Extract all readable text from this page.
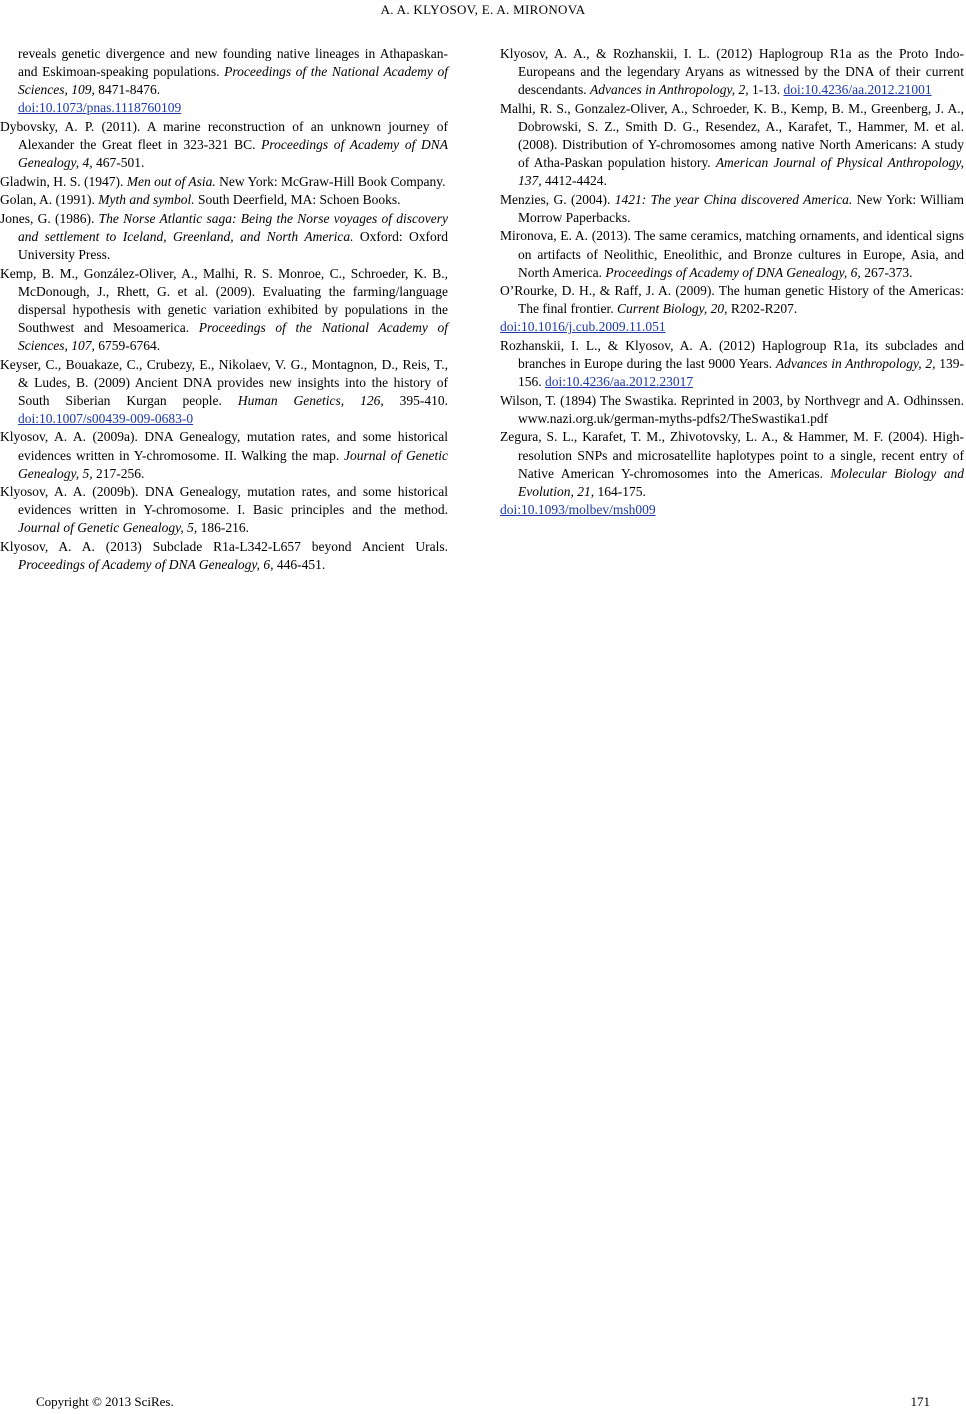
A. A. KLYOSOV, E. A. MIRONOVA

reveals genetic divergence and new founding native lineages in Athapaskan- and Eskimoan-speaking populations. Proceedings of the National Academy of Sciences, 109, 8471-8476.
doi:10.1073/pnas.1118760109

Dybovsky, A. P. (2011). A marine reconstruction of an unknown journey of Alexander the Great fleet in 323-321 BC. Proceedings of Academy of DNA Genealogy, 4, 467-501.

Gladwin, H. S. (1947). Men out of Asia. New York: McGraw-Hill Book Company.

Golan, A. (1991). Myth and symbol. South Deerfield, MA: Schoen Books.

Jones, G. (1986). The Norse Atlantic saga: Being the Norse voyages of discovery and settlement to Iceland, Greenland, and North America. Oxford: Oxford University Press.

Kemp, B. M., González-Oliver, A., Malhi, R. S. Monroe, C., Schroeder, K. B., McDonough, J., Rhett, G. et al. (2009). Evaluating the farming/language dispersal hypothesis with genetic variation exhibited by populations in the Southwest and Mesoamerica. Proceedings of the National Academy of Sciences, 107, 6759-6764.

Keyser, C., Bouakaze, C., Crubezy, E., Nikolaev, V. G., Montagnon, D., Reis, T., & Ludes, B. (2009) Ancient DNA provides new insights into the history of South Siberian Kurgan people. Human Genetics, 126, 395-410. doi:10.1007/s00439-009-0683-0

Klyosov, A. A. (2009a). DNA Genealogy, mutation rates, and some historical evidences written in Y-chromosome. II. Walking the map. Journal of Genetic Genealogy, 5, 217-256.

Klyosov, A. A. (2009b). DNA Genealogy, mutation rates, and some historical evidences written in Y-chromosome. I. Basic principles and the method. Journal of Genetic Genealogy, 5, 186-216.

Klyosov, A. A. (2013) Subclade R1a-L342-L657 beyond Ancient Urals. Proceedings of Academy of DNA Genealogy, 6, 446-451.

Klyosov, A. A., & Rozhanskii, I. L. (2012) Haplogroup R1a as the Proto Indo-Europeans and the legendary Aryans as witnessed by the DNA of their current descendants. Advances in Anthropology, 2, 1-13. doi:10.4236/aa.2012.21001

Malhi, R. S., Gonzalez-Oliver, A., Schroeder, K. B., Kemp, B. M., Greenberg, J. A., Dobrowski, S. Z., Smith D. G., Resendez, A., Karafet, T., Hammer, M. et al. (2008). Distribution of Y-chromosomes among native North Americans: A study of Atha-Paskan population history. American Journal of Physical Anthropology, 137, 4412-4424.

Menzies, G. (2004). 1421: The year China discovered America. New York: William Morrow Paperbacks.

Mironova, E. A. (2013). The same ceramics, matching ornaments, and identical signs on artifacts of Neolithic, Eneolithic, and Bronze cultures in Europe, Asia, and North America. Proceedings of Academy of DNA Genealogy, 6, 267-373.

O’Rourke, D. H., & Raff, J. A. (2009). The human genetic History of the Americas: The final frontier. Current Biology, 20, R202-R207.
doi:10.1016/j.cub.2009.11.051

Rozhanskii, I. L., & Klyosov, A. A. (2012) Haplogroup R1a, its subclades and branches in Europe during the last 9000 Years. Advances in Anthropology, 2, 139-156. doi:10.4236/aa.2012.23017

Wilson, T. (1894) The Swastika. Reprinted in 2003, by Northvegr and A. Odhinssen. www.nazi.org.uk/german-myths-pdfs2/TheSwastika1.pdf

Zegura, S. L., Karafet, T. M., Zhivotovsky, L. A., & Hammer, M. F. (2004). High-resolution SNPs and microsatellite haplotypes point to a single, recent entry of Native American Y-chromosomes into the Americas. Molecular Biology and Evolution, 21, 164-175.
doi:10.1093/molbev/msh009

Copyright © 2013 SciRes.	171
